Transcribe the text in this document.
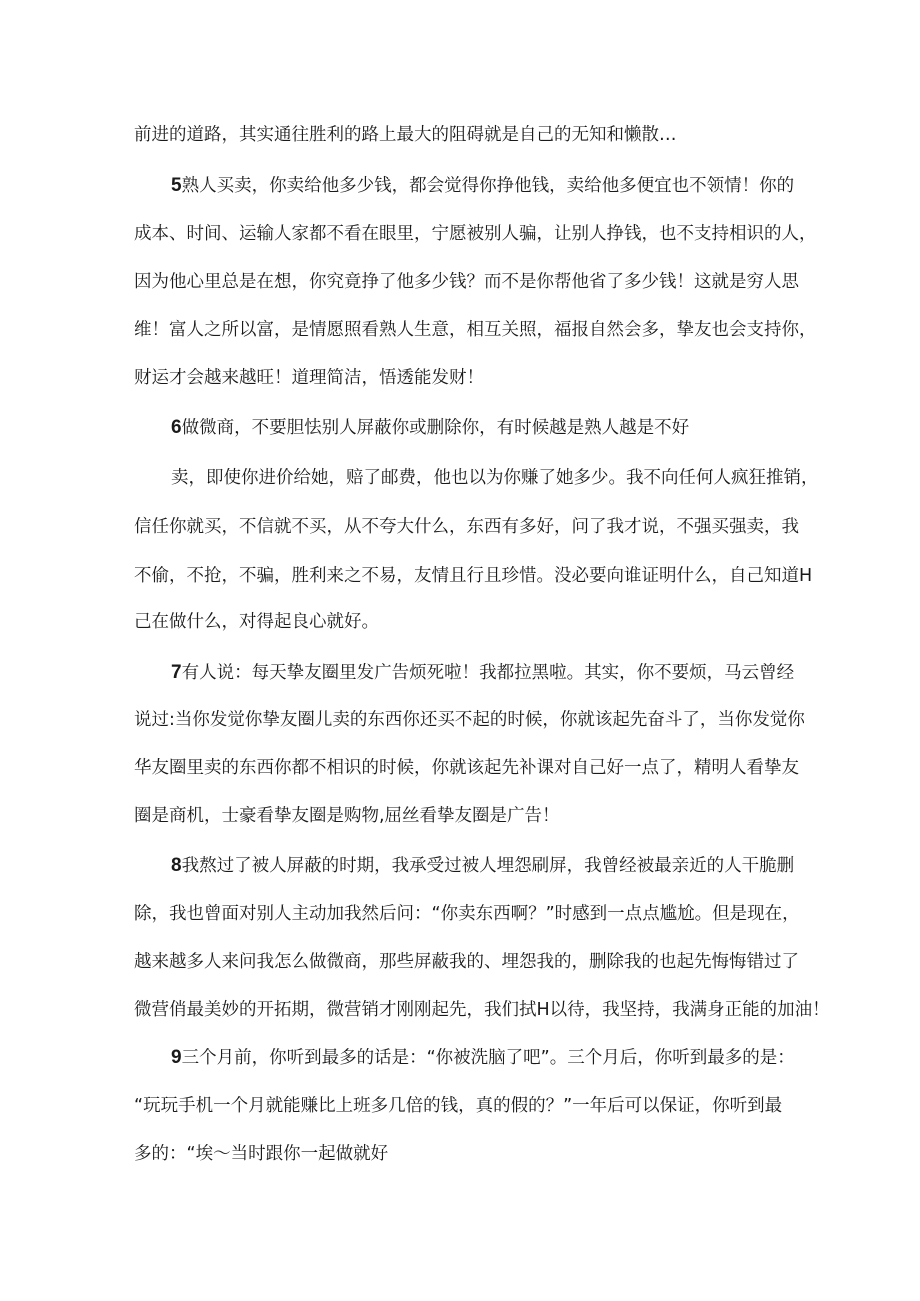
前进的道路，其实通往胜利的路上最大的阻碍就是自己的无知和懒散…
5熟人买卖，你卖给他多少钱，都会觉得你挣他钱，卖给他多便宜也不领情！你的
成本、时间、运输人家都不看在眼里，宁愿被别人骗，让别人挣钱，也不支持相识的人，
因为他心里总是在想，你究竟挣了他多少钱？而不是你帮他省了多少钱！这就是穷人思
维！富人之所以富，是情愿照看熟人生意，相互关照，福报自然会多，挚友也会支持你，
财运才会越来越旺！道理简洁，悟透能发财！
6做微商，不要胆怯别人屏蔽你或删除你，有时候越是熟人越是不好
卖，即使你进价给她，赔了邮费，他也以为你赚了她多少。我不向任何人疯狂推销，
信任你就买，不信就不买，从不夸大什么，东西有多好，问了我才说，不强买强卖，我
不偷，不抢，不骗，胜利来之不易，友情且行且珍惜。没必要向谁证明什么，自己知道H
己在做什么，对得起良心就好。
7有人说：每天挚友圈里发广告烦死啦！我都拉黑啦。其实，你不要烦，马云曾经
说过:当你发觉你挚友圈儿卖的东西你还买不起的时候，你就该起先奋斗了，当你发觉你
华友圈里卖的东西你都不相识的时候，你就该起先补课对自己好一点了，精明人看挚友
圈是商机，士豪看挚友圈是购物,屈丝看挚友圈是广告！
8我熬过了被人屏蔽的时期，我承受过被人埋怨刷屏，我曾经被最亲近的人干脆删
除，我也曾面对别人主动加我然后问：“你卖东西啊？”时感到一点点尴尬。但是现在，
越来越多人来问我怎么做微商，那些屏蔽我的、埋怨我的，删除我的也起先悔悔错过了
微营俏最美妙的开拓期，微营销才刚刚起先，我们拭H以待，我坚持，我满身正能的加油！
9三个月前，你听到最多的话是：“你被洗脑了吧”。三个月后，你听到最多的是：
“玩玩手机一个月就能赚比上班多几倍的钱，真的假的？”一年后可以保证，你听到最
多的：“埃～当时跟你一起做就好
